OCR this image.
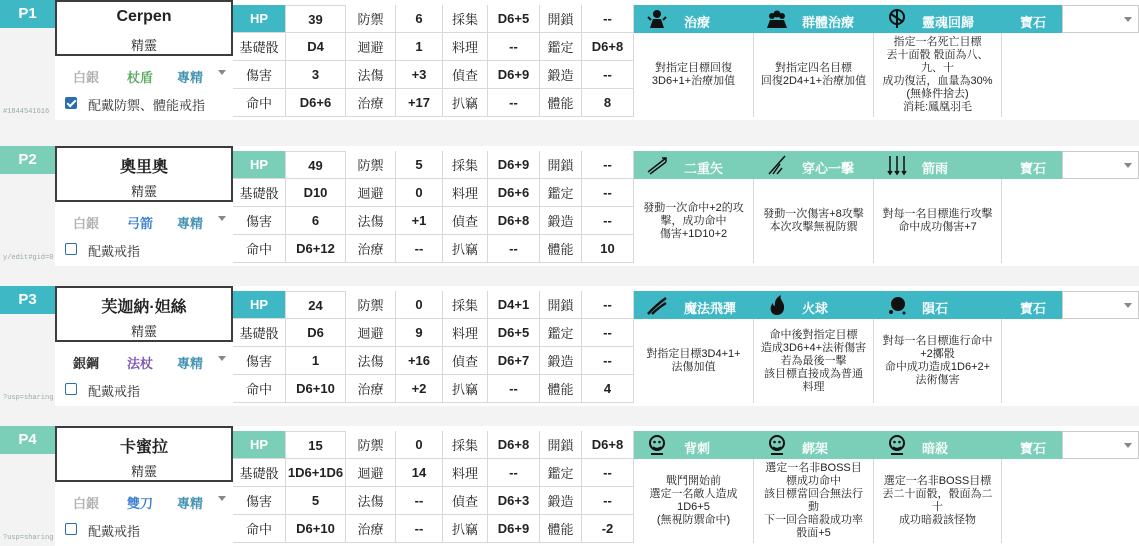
P1
#1844541616
Cerpen
精靈
白銀 杖盾 專精
配戴防禦、體能戒指
HP	39	防禦	6	採集	D6+5	開鎖	--
基礎骰	D4	迴避	1	料理	--	鑑定	D6+8
傷害	3	法傷	+3	偵查	D6+9	鍛造	--
命中	D6+6	治療	+17	扒竊	--	體能	8
治療
對指定目標回復
3D6+1+治療加值
群體治療
對指定四名目標
回復2D4+1+治療加值
靈魂回歸
指定一名死亡目標
丟十面骰 骰面為八、
九、十
成功復活，血量為30%
(無條件捨去)
消耗:鳳凰羽毛
寶石
P2
y/edit#gid=0
奧里奧
精靈
白銀 弓箭 專精
配戴戒指
HP	49	防禦	5	採集	D6+9	開鎖	--
基礎骰	D10	迴避	0	料理	D6+6	鑑定	--
傷害	6	法傷	+1	偵查	D6+8	鍛造	--
命中	D6+12	治療	--	扒竊	--	體能	10
二重矢
發動一次命中+2的攻
擊，成功命中
傷害+1D10+2
穿心一擊
發動一次傷害+8攻擊
本次攻擊無視防禦
箭雨
對每一名目標進行攻擊
命中成功傷害+7
寶石
P3
?usp=sharing
芙迦納·妲絲
精靈
銀鋼 法杖 專精
配戴戒指
HP	24	防禦	0	採集	D4+1	開鎖	--
基礎骰	D6	迴避	9	料理	D6+5	鑑定	--
傷害	1	法傷	+16	偵查	D6+7	鍛造	--
命中	D6+10	治療	+2	扒竊	--	體能	4
魔法飛彈
對指定目標3D4+1+
法傷加值
火球
命中後對指定目標
造成3D6+4+法術傷害
若為最後一擊
該目標直接成為普通
料理
隕石
對每一名目標進行命中
+2擲骰
命中成功造成1D6+2+
法術傷害
寶石
P4
?usp=sharing
卡蜜拉
精靈
白銀 雙刀 專精
配戴戒指
HP	15	防禦	0	採集	D6+8	開鎖	D6+8
基礎骰 1D6+1D6	迴避	14	料理	--	鑑定	--
傷害	5	法傷	--	偵查	D6+3	鍛造	--
命中	D6+10	治療	--	扒竊	D6+9	體能	-2
背刺
戰鬥開始前
選定一名敵人造成
1D6+5
(無視防禦命中)
綁架
選定一名非BOSS目
標成功命中
該目標當回合無法行
動
下一回合暗殺成功率
骰面+5
暗殺
選定一名非BOSS目標
丟二十面骰，骰面為二
十
成功暗殺該怪物
寶石
